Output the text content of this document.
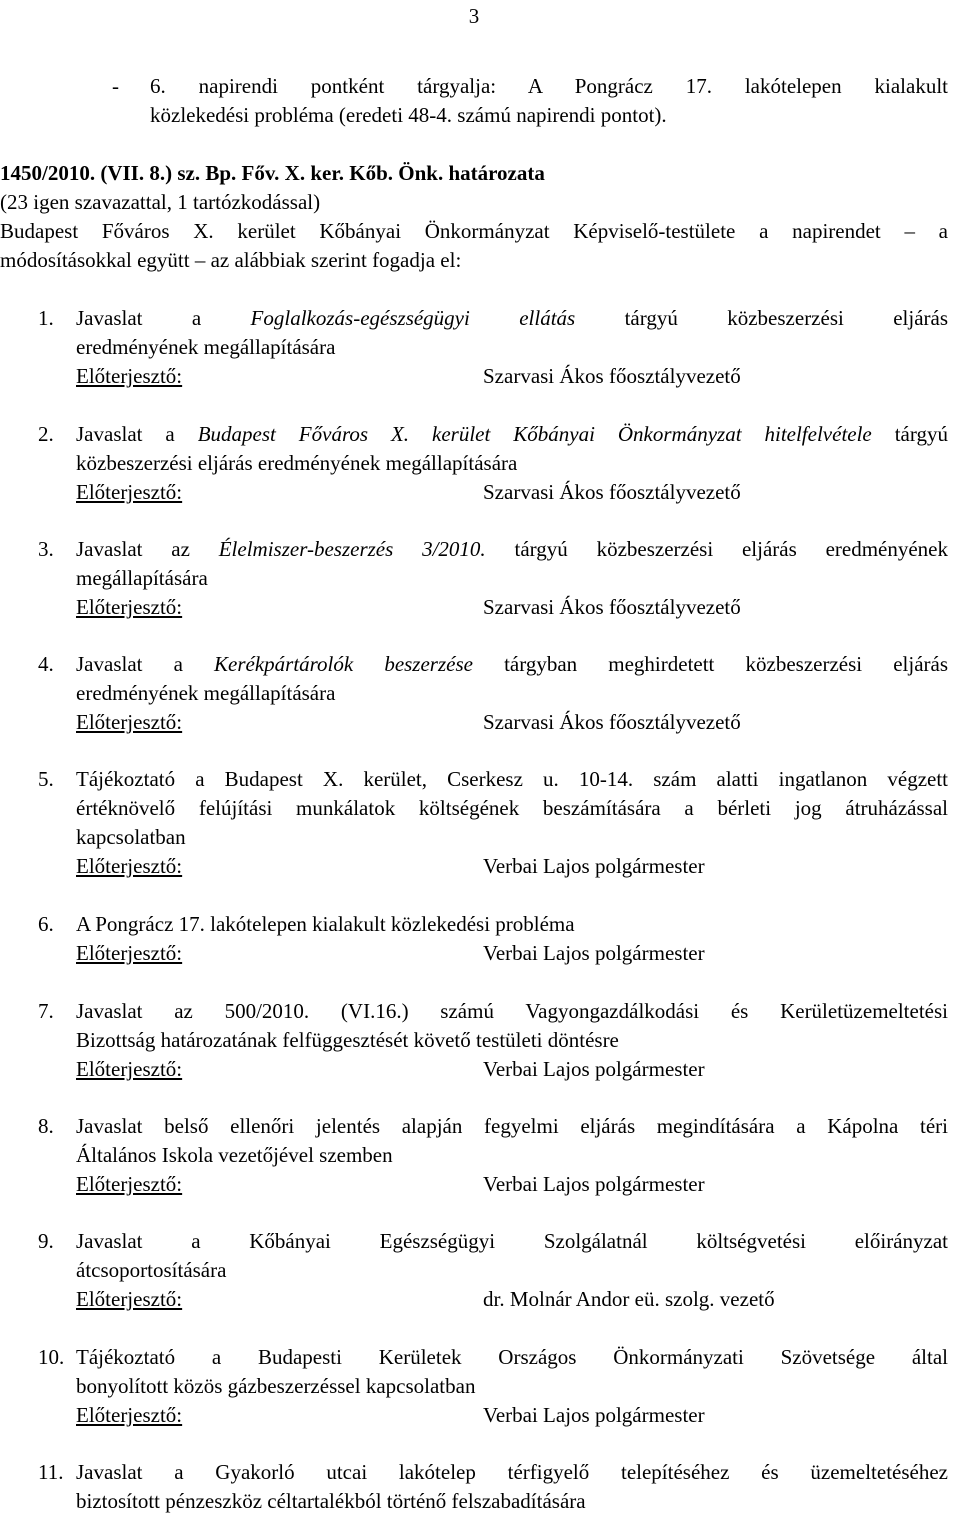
3
- 6. napirendi pontként tárgyalja: A Pongrácz 17. lakótelepen kialakult
közlekedési probléma (eredeti 48-4. számú napirendi pontot).
1450/2010. (VII. 8.) sz. Bp. Főv. X. ker. Kőb. Önk. határozata
(23 igen szavazattal, 1 tartózkodással)
Budapest Főváros X. kerület Kőbányai Önkormányzat Képviselő-testülete a napirendet – a
módosításokkal együtt – az alábbiak szerint fogadja el:
1.	Javaslat a Foglalkozás-egészségügyi ellátás tárgyú közbeszerzési eljárás
eredményének megállapítására
Előterjesztő:	Szarvasi Ákos főosztályvezető
2.	Javaslat a Budapest Főváros X. kerület Kőbányai Önkormányzat hitelfelvétele tárgyú
közbeszerzési eljárás eredményének megállapítására
Előterjesztő:	Szarvasi Ákos főosztályvezető
3.	Javaslat az Élelmiszer-beszerzés 3/2010. tárgyú közbeszerzési eljárás eredményének
megállapítására
Előterjesztő:	Szarvasi Ákos főosztályvezető
4.	Javaslat a Kerékpártárolók beszerzése tárgyban meghirdetett közbeszerzési eljárás
eredményének megállapítására
Előterjesztő:	Szarvasi Ákos főosztályvezető
5.	Tájékoztató a Budapest X. kerület, Cserkesz u. 10-14. szám alatti ingatlanon végzett
értéknövelő felújítási munkálatok költségének beszámítására a bérleti jog átruházással
kapcsolatban
Előterjesztő:	Verbai Lajos polgármester
6.	A Pongrácz 17. lakótelepen kialakult közlekedési probléma
Előterjesztő:	Verbai Lajos polgármester
7.	Javaslat az 500/2010. (VI.16.) számú Vagyongazdálkodási és Kerületüzemeltetési
Bizottság határozatának felfüggesztését követő testületi döntésre
Előterjesztő:	Verbai Lajos polgármester
8.	Javaslat belső ellenőri jelentés alapján fegyelmi eljárás megindítására a Kápolna téri
Általános Iskola vezetőjével szemben
Előterjesztő:	Verbai Lajos polgármester
9.	Javaslat a Kőbányai Egészségügyi Szolgálatnál költségvetési előirányzat
átcsoportosítására
Előterjesztő:	dr. Molnár Andor eü. szolg. vezető
10. Tájékoztató a Budapesti Kerületek Országos Önkormányzati Szövetsége által
bonyolított közös gázbeszerzéssel kapcsolatban
Előterjesztő:	Verbai Lajos polgármester
11. Javaslat a Gyakorló utcai lakótelep térfigyelő telepítéséhez és üzemeltetéséhez
biztosított pénzeszköz céltartalékból történő felszabadítására
